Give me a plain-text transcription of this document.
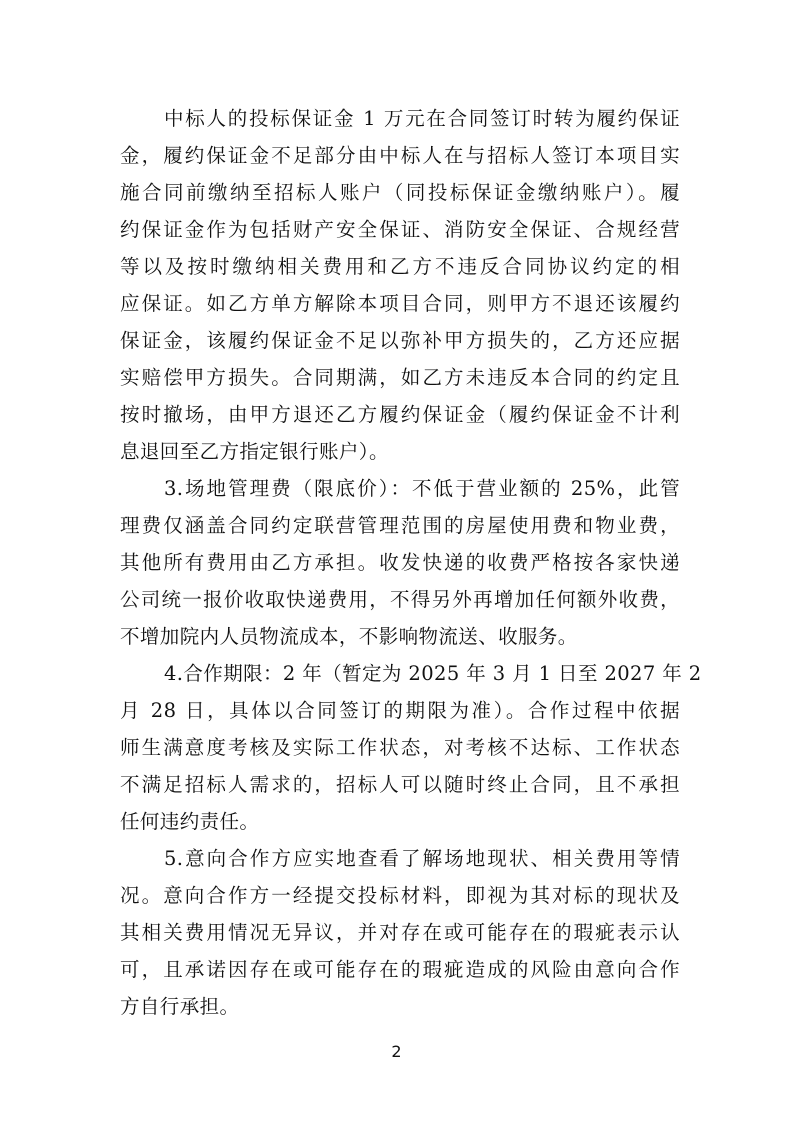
中标人的投标保证金 1 万元在合同签订时转为履约保证
金，履约保证金不足部分由中标人在与招标人签订本项目实
施合同前缴纳至招标人账户（同投标保证金缴纳账户）。履
约保证金作为包括财产安全保证、消防安全保证、合规经营
等以及按时缴纳相关费用和乙方不违反合同协议约定的相
应保证。如乙方单方解除本项目合同，则甲方不退还该履约
保证金，该履约保证金不足以弥补甲方损失的，乙方还应据
实赔偿甲方损失。合同期满，如乙方未违反本合同的约定且
按时撤场，由甲方退还乙方履约保证金（履约保证金不计利
息退回至乙方指定银行账户）。
3.场地管理费（限底价）：不低于营业额的 25%，此管
理费仅涵盖合同约定联营管理范围的房屋使用费和物业费，
其他所有费用由乙方承担。收发快递的收费严格按各家快递
公司统一报价收取快递费用，不得另外再增加任何额外收费，
不增加院内人员物流成本，不影响物流送、收服务。
4.合作期限：2 年（暂定为 2025 年 3 月 1 日至 2027 年 2
月 28 日，具体以合同签订的期限为准）。合作过程中依据
师生满意度考核及实际工作状态，对考核不达标、工作状态
不满足招标人需求的，招标人可以随时终止合同，且不承担
任何违约责任。
5.意向合作方应实地查看了解场地现状、相关费用等情
况。意向合作方一经提交投标材料，即视为其对标的现状及
其相关费用情况无异议，并对存在或可能存在的瑕疵表示认
可，且承诺因存在或可能存在的瑕疵造成的风险由意向合作
方自行承担。
2
